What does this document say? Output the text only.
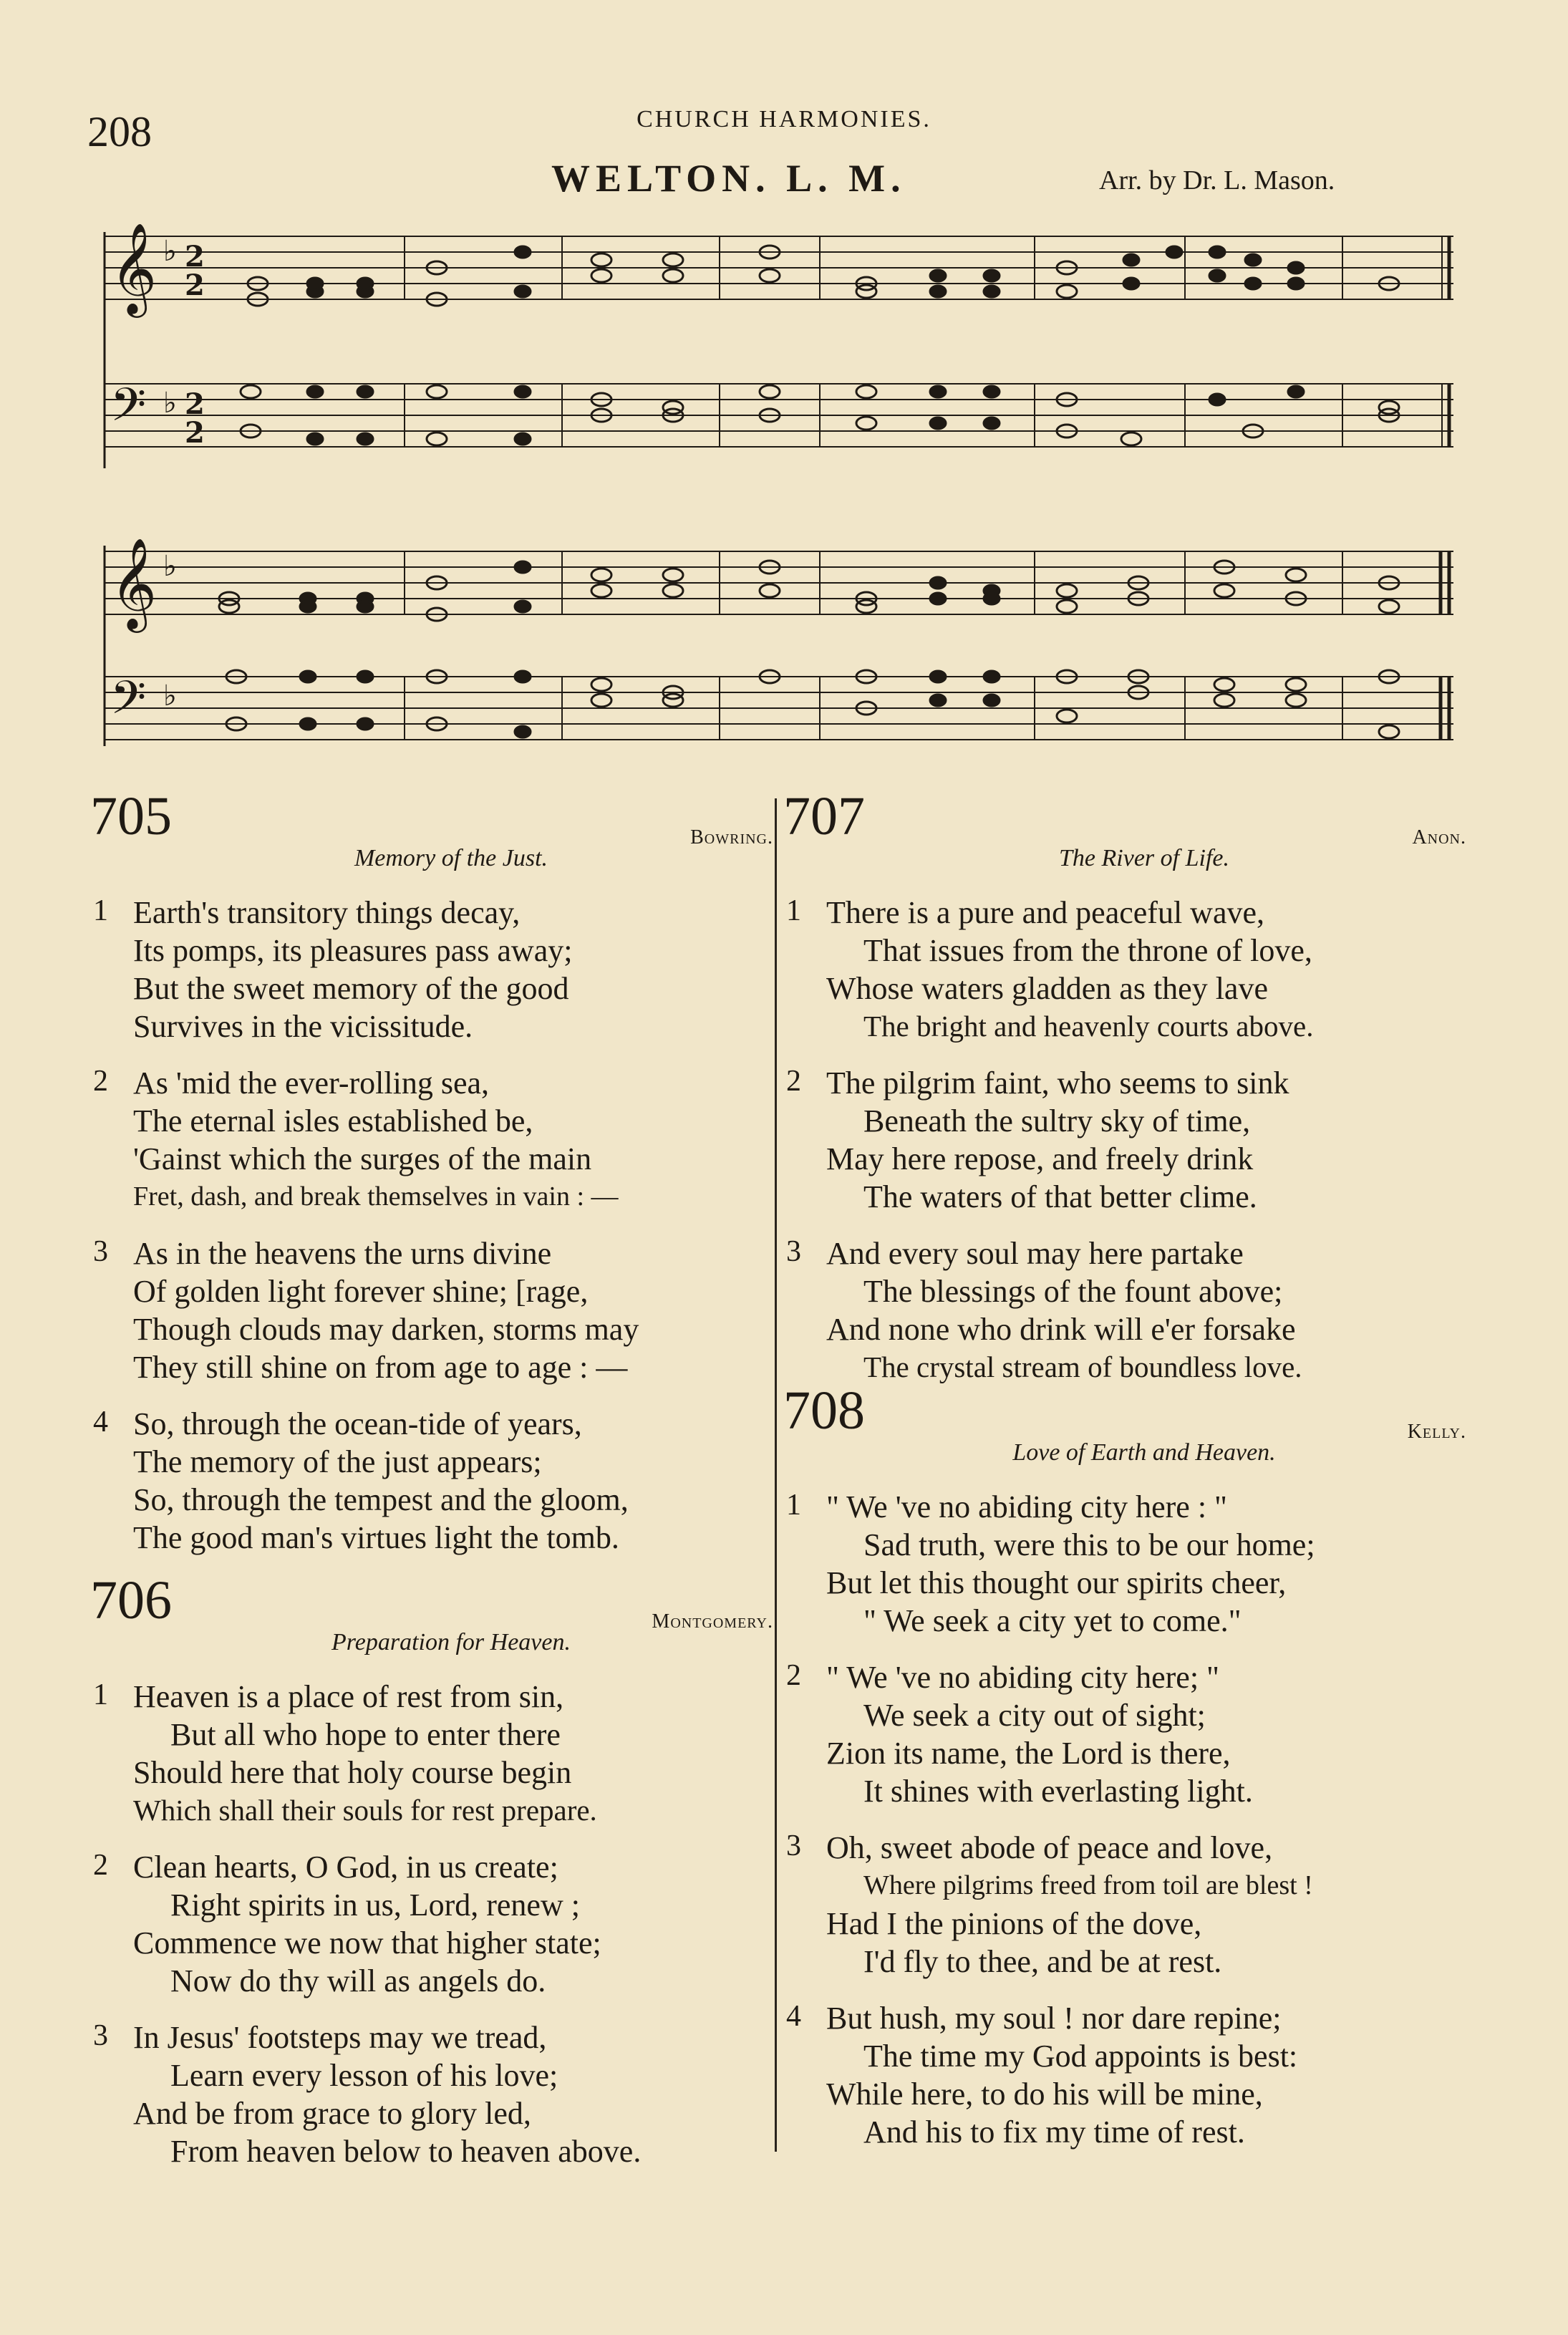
208	CHURCH HARMONIES.
WELTON. L. M.	Arr. by Dr. L. Mason.
𝄞
𝄢
♭
♭
2
2
2
2
𝄞
𝄢
♭
♭
705	Bowring.
Memory of the Just.
1 Earth's transitory things decay,
Its pomps, its pleasures pass away;
But the sweet memory of the good
Survives in the vicissitude.
2 As 'mid the ever-rolling sea,
The eternal isles established be,
'Gainst which the surges of the main
Fret, dash, and break themselves in vain : —
3 As in the heavens the urns divine
Of golden light forever shine; [rage,
Though clouds may darken, storms may
They still shine on from age to age : —
4 So, through the ocean-tide of years,
The memory of the just appears;
So, through the tempest and the gloom,
The good man's virtues light the tomb.
706	Montgomery.
Preparation for Heaven.
1 Heaven is a place of rest from sin,
But all who hope to enter there
Should here that holy course begin
Which shall their souls for rest prepare.
2 Clean hearts, O God, in us create;
Right spirits in us, Lord, renew ;
Commence we now that higher state;
Now do thy will as angels do.
3 In Jesus' footsteps may we tread,
Learn every lesson of his love;
And be from grace to glory led,
From heaven below to heaven above.
707	Anon.
The River of Life.
1 There is a pure and peaceful wave,
That issues from the throne of love,
Whose waters gladden as they lave
The bright and heavenly courts above.
2 The pilgrim faint, who seems to sink
Beneath the sultry sky of time,
May here repose, and freely drink
The waters of that better clime.
3 And every soul may here partake
The blessings of the fount above;
And none who drink will e'er forsake
The crystal stream of boundless love.
708	Kelly.
Love of Earth and Heaven.
1 " We 've no abiding city here : "
Sad truth, were this to be our home;
But let this thought our spirits cheer,
" We seek a city yet to come."
2 " We 've no abiding city here; "
We seek a city out of sight;
Zion its name, the Lord is there,
It shines with everlasting light.
3 Oh, sweet abode of peace and love,
Where pilgrims freed from toil are blest !
Had I the pinions of the dove,
I'd fly to thee, and be at rest.
4 But hush, my soul ! nor dare repine;
The time my God appoints is best:
While here, to do his will be mine,
And his to fix my time of rest.
